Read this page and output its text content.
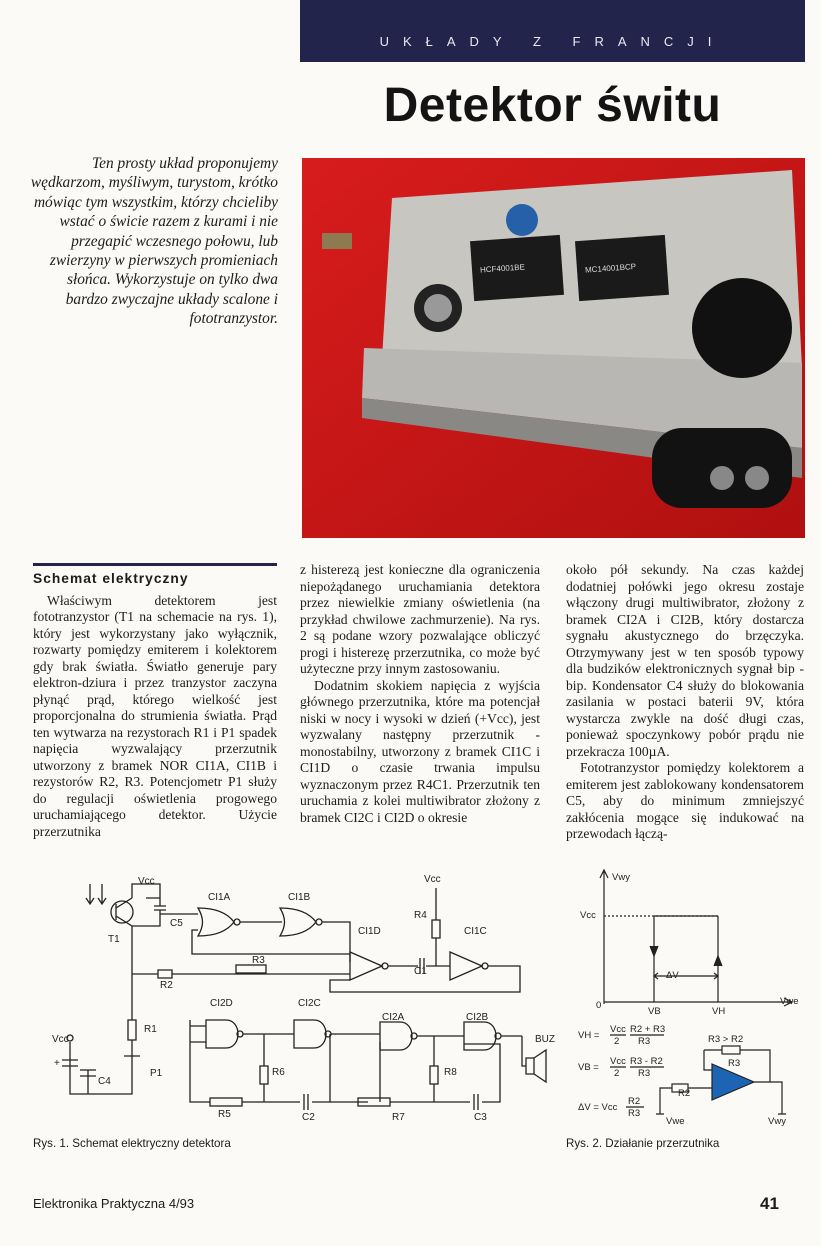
UKŁADY Z FRANCJI
Detektor świtu
Ten prosty układ proponujemy wędkarzom, myśliwym, turystom, krótko mówiąc tym wszystkim, którzy chcieliby wstać o świcie razem z kurami i nie przegapić wczesnego połowu, lub zwierzyny w pierwszych promieniach słońca. Wykorzystuje on tylko dwa bardzo zwyczajne układy scalone i fototranzystor.
HCF4001BE	MC14001BCP
Schemat elektryczny

Właściwym detektorem jest fototranzystor (T1 na schemacie na rys. 1), który jest wykorzystany jako wyłącznik, rozwarty pomiędzy emiterem i kolektorem gdy brak światła. Światło generuje pary elektron-dziura i przez tranzystor zaczyna płynąć prąd, którego wielkość jest proporcjonalna do strumienia światła. Prąd ten wytwarza na rezystorach R1 i P1 spadek napięcia wyzwalający przerzutnik utworzony z bramek NOR CI1A, CI1B i rezystorów R2, R3. Potencjometr P1 służy do regulacji oświetlenia progowego uruchamiającego detektor. Użycie przerzutnika

z histerezą jest konieczne dla ograniczenia niepożądanego uruchamiania detektora przez niewielkie zmiany oświetlenia (na przykład chwilowe zachmurzenie). Na rys. 2 są podane wzory pozwalające obliczyć progi i histerezę przerzutnika, co może być użyteczne przy innym zastosowaniu.

Dodatnim skokiem napięcia z wyjścia głównego przerzutnika, które ma potencjał niski w nocy i wysoki w dzień (+Vcc), jest wyzwalany następny przerzutnik - monostabilny, utworzony z bramek CI1C i CI1D o czasie trwania impulsu wyznaczonym przez R4C1. Przerzutnik ten uruchamia z kolei multiwibrator złożony z bramek CI2C i CI2D o okresie

około pół sekundy. Na czas każdej dodatniej połówki jego okresu zostaje włączony drugi multiwibrator, złożony z bramek CI2A i CI2B, który dostarcza sygnału akustycznego do brzęczyka. Otrzymywany jest w ten sposób typowy dla budzików elektronicznych sygnał bip - bip. Kondensator C4 służy do blokowania zasilania w postaci baterii 9V, która wystarcza zwykle na dość długi czas, ponieważ spoczynkowy pobór prądu nie przekracza 100µA.

Fototranzystor pomiędzy kolektorem a emiterem jest zablokowany kondensatorem C5, aby do minimum zmniejszyć zakłócenia mogące się indukować na przewodach łączą-

Vcc
T1
C5
CI1A	CI1B
CI1D	CI1C
Vcc
R4
C1
R3
R2
R1
P1
Vcc
C4
+
CI2D	CI2C
CI2A	CI2B
BUZ
R6	R8
R5	C2	R7	C3
Vwy
Vcc
0
VB	VH
Vwe
ΔV
VH =
Vcc
2
R2 + R3
R3
VB =
Vcc
2
R3 - R2
R3
ΔV = Vcc
R2
R3
R3 > R2
R3
R2
Vwe	Vwy
Rys. 1. Schemat elektryczny detektora	Rys. 2. Działanie przerzutnika
Elektronika Praktyczna 4/93	41
